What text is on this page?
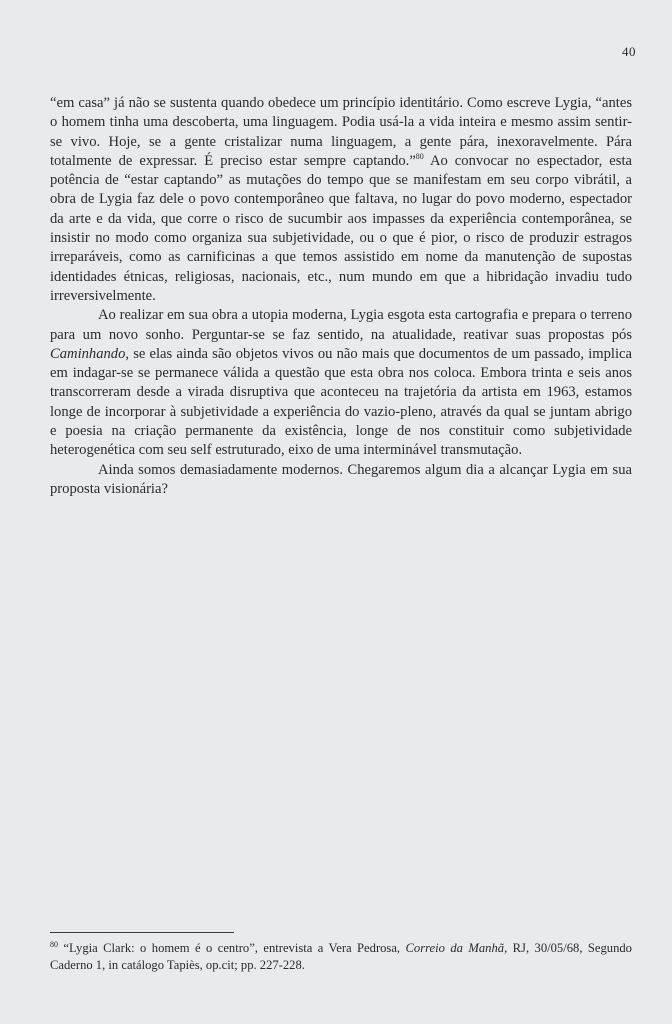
40

“em casa” já não se sustenta quando obedece um princípio identitário. Como escreve Lygia, “antes o homem tinha uma descoberta, uma linguagem. Podia usá-la a vida inteira e mesmo assim sentir-se vivo. Hoje, se a gente cristalizar numa linguagem, a gente pára, inexoravelmente. Pára totalmente de expressar. É preciso estar sempre captando.”$^{80}$ Ao convocar no espectador, esta potência de “estar captando” as mutações do tempo que se manifestam em seu corpo vibrátil, a obra de Lygia faz dele o povo contemporâneo que faltava, no lugar do povo moderno, espectador da arte e da vida, que corre o risco de sucumbir aos impasses da experiência contemporânea, se insistir no modo como organiza sua subjetividade, ou o que é pior, o risco de produzir estragos irreparáveis, como as carnificinas a que temos assistido em nome da manutenção de supostas identidades étnicas, religiosas, nacionais, etc., num mundo em que a hibridação invadiu tudo irreversivelmente.

Ao realizar em sua obra a utopia moderna, Lygia esgota esta cartografia e prepara o terreno para um novo sonho. Perguntar-se se faz sentido, na atualidade, reativar suas propostas pós Caminhando, se elas ainda são objetos vivos ou não mais que documentos de um passado, implica em indagar-se se permanece válida a questão que esta obra nos coloca. Embora trinta e seis anos transcorreram desde a virada disruptiva que aconteceu na trajetória da artista em 1963, estamos longe de incorporar à subjetividade a experiência do vazio-pleno, através da qual se juntam abrigo e poesia na criação permanente da existência, longe de nos constituir como subjetividade heterogenética com seu self estruturado, eixo de uma interminável transmutação.

Ainda somos demasiadamente modernos. Chegaremos algum dia a alcançar Lygia em sua proposta visionária?

$^{80}$ “Lygia Clark: o homem é o centro”, entrevista a Vera Pedrosa, Correio da Manhã, RJ, 30/05/68, Segundo Caderno 1, in catálogo Tapiès, op.cit; pp. 227-228.
